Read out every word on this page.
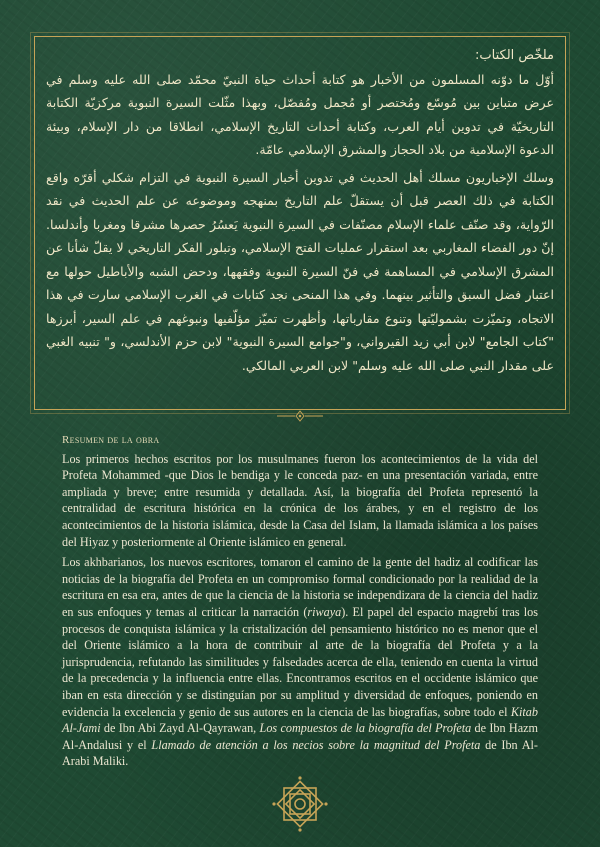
ملخّص الكتاب:

أوّل ما دوّنه المسلمون من الأخبار هو كتابة أحداث حياة النبيّ محمّد صلى الله عليه وسلم في عرض متباين بين مُوسّع ومُختصر أو مُجمل ومُفصّل، وبهذا مثّلت السيرة النبوية مركزيّة الكتابة التاريخيّة في تدوين أيام العرب، وكتابة أحداث التاريخ الإسلامي، انطلاقا من دار الإسلام، وبيئة الدعوة الإسلامية من بلاد الحجاز والمشرق الإسلامي عامّة.

وسلك الإخباريون مسلك أهل الحديث في تدوين أخبار السيرة النبوية في التزام شكلي أقرّه واقع الكتابة في ذلك العصر قبل أن يستقلّ علم التاريخ بمنهجه وموضوعه عن علم الحديث في نقد الرّواية، وقد صنّف علماء الإسلام مصنّفات في السيرة النبوية يَعسُرُ حصرها مشرقا ومغربا وأندلسا. إنّ دور الفضاء المغاربي بعد استقرار عمليات الفتح الإسلامي، وتبلور الفكر التاريخي لا يقلّ شأنا عن المشرق الإسلامي في المساهمة في فنّ السيرة النبوية وفقهها، ودحض الشبه والأباطيل حولها مع اعتبار فضل السبق والتأثير بينهما. وفي هذا المنحى نجد كتابات في الغرب الإسلامي سارت في هذا الاتجاه، وتميّزت بشموليّتها وتنوع مقارباتها، وأظهرت تميّز مؤلّفيها ونبوغهم في علم السير، أبرزها "كتاب الجامع" لابن أبي زيد القيرواني، و"جوامع السيرة النبوية" لابن حزم الأندلسي، و" تنبيه الغبي على مقدار النبي صلى الله عليه وسلم" لابن العربي المالكي.

Resumen de la obra

Los primeros hechos escritos por los musulmanes fueron los acontecimientos de la vida del Profeta Mohammed -que Dios le bendiga y le conceda paz- en una presentación variada, entre ampliada y breve; entre resumida y detallada. Así, la biografía del Profeta representó la centralidad de escritura histórica en la crónica de los árabes, y en el registro de los acontecimientos de la historia islámica, desde la Casa del Islam, la llamada islámica a los países del Hiyaz y posteriormente al Oriente islámico en general.

Los akhbarianos, los nuevos escritores, tomaron el camino de la gente del hadiz al codificar las noticias de la biografía del Profeta en un compromiso formal condicionado por la realidad de la escritura en esa era, antes de que la ciencia de la historia se independizara de la ciencia del hadiz en sus enfoques y temas al criticar la narración (riwaya). El papel del espacio magrebí tras los procesos de conquista islámica y la cristalización del pensamiento histórico no es menor que el del Oriente islámico a la hora de contribuir al arte de la biografía del Profeta y a la jurisprudencia, refutando las similitudes y falsedades acerca de ella, teniendo en cuenta la virtud de la precedencia y la influencia entre ellas. Encontramos escritos en el occidente islámico que iban en esta dirección y se distinguían por su amplitud y diversidad de enfoques, poniendo en evidencia la excelencia y genio de sus autores en la ciencia de las biografías, sobre todo el Kitab Al-Jami de Ibn Abi Zayd Al-Qayrawan, Los compuestos de la biografía del Profeta de Ibn Hazm Al-Andalusi y el Llamado de atención a los necios sobre la magnitud del Profeta de Ibn Al-Arabi Maliki.
